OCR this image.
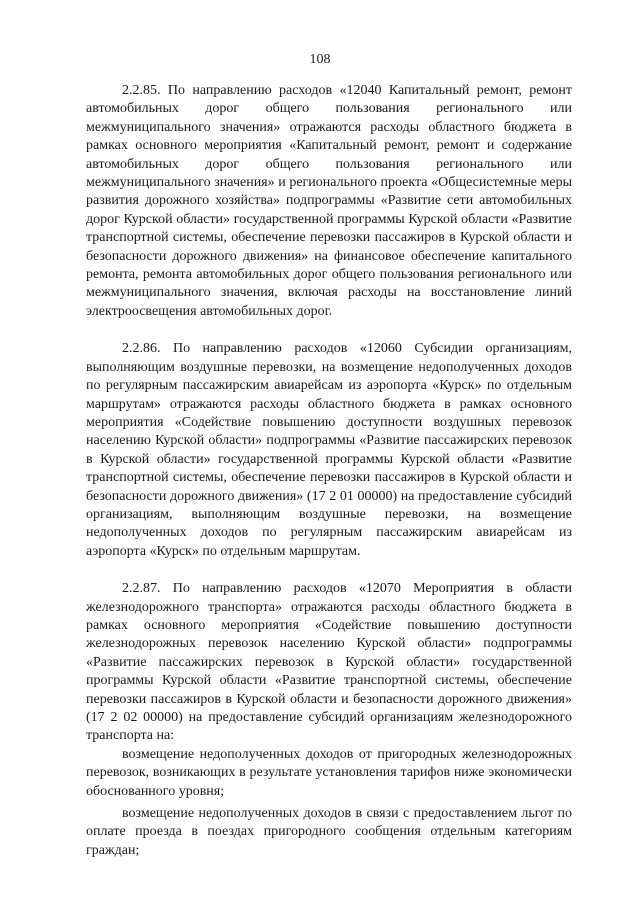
108

2.2.85. По направлению расходов «12040 Капитальный ремонт, ремонт автомобильных дорог общего пользования регионального или межмуниципального значения» отражаются расходы областного бюджета в рамках основного мероприятия «Капитальный ремонт, ремонт и содержание автомобильных дорог общего пользования регионального или межмуниципального значения» и регионального проекта «Общесистемные меры развития дорожного хозяйства» подпрограммы «Развитие сети автомобильных дорог Курской области» государственной программы Курской области «Развитие транспортной системы, обеспечение перевозки пассажиров в Курской области и безопасности дорожного движения» на финансовое обеспечение капитального ремонта, ремонта автомобильных дорог общего пользования регионального или межмуниципального значения, включая расходы на восстановление линий электроосвещения автомобильных дорог.

2.2.86. По направлению расходов «12060 Субсидии организациям, выполняющим воздушные перевозки, на возмещение недополученных доходов по регулярным пассажирским авиарейсам из аэропорта «Курск» по отдельным маршрутам» отражаются расходы областного бюджета в рамках основного мероприятия «Содействие повышению доступности воздушных перевозок населению Курской области» подпрограммы «Развитие пассажирских перевозок в Курской области» государственной программы Курской области «Развитие транспортной системы, обеспечение перевозки пассажиров в Курской области и безопасности дорожного движения» (17 2 01 00000) на предоставление субсидий организациям, выполняющим воздушные перевозки, на возмещение недополученных доходов по регулярным пассажирским авиарейсам из аэропорта «Курск» по отдельным маршрутам.

2.2.87. По направлению расходов «12070 Мероприятия в области железнодорожного транспорта» отражаются расходы областного бюджета в рамках основного мероприятия «Содействие повышению доступности железнодорожных перевозок населению Курской области» подпрограммы «Развитие пассажирских перевозок в Курской области» государственной программы Курской области «Развитие транспортной системы, обеспечение перевозки пассажиров в Курской области и безопасности дорожного движения» (17 2 02 00000) на предоставление субсидий организациям железнодорожного транспорта на:

возмещение недополученных доходов от пригородных железнодорожных перевозок, возникающих в результате установления тарифов ниже экономически обоснованного уровня;

возмещение недополученных доходов в связи с предоставлением льгот по оплате проезда в поездах пригородного сообщения отдельным категориям граждан;
